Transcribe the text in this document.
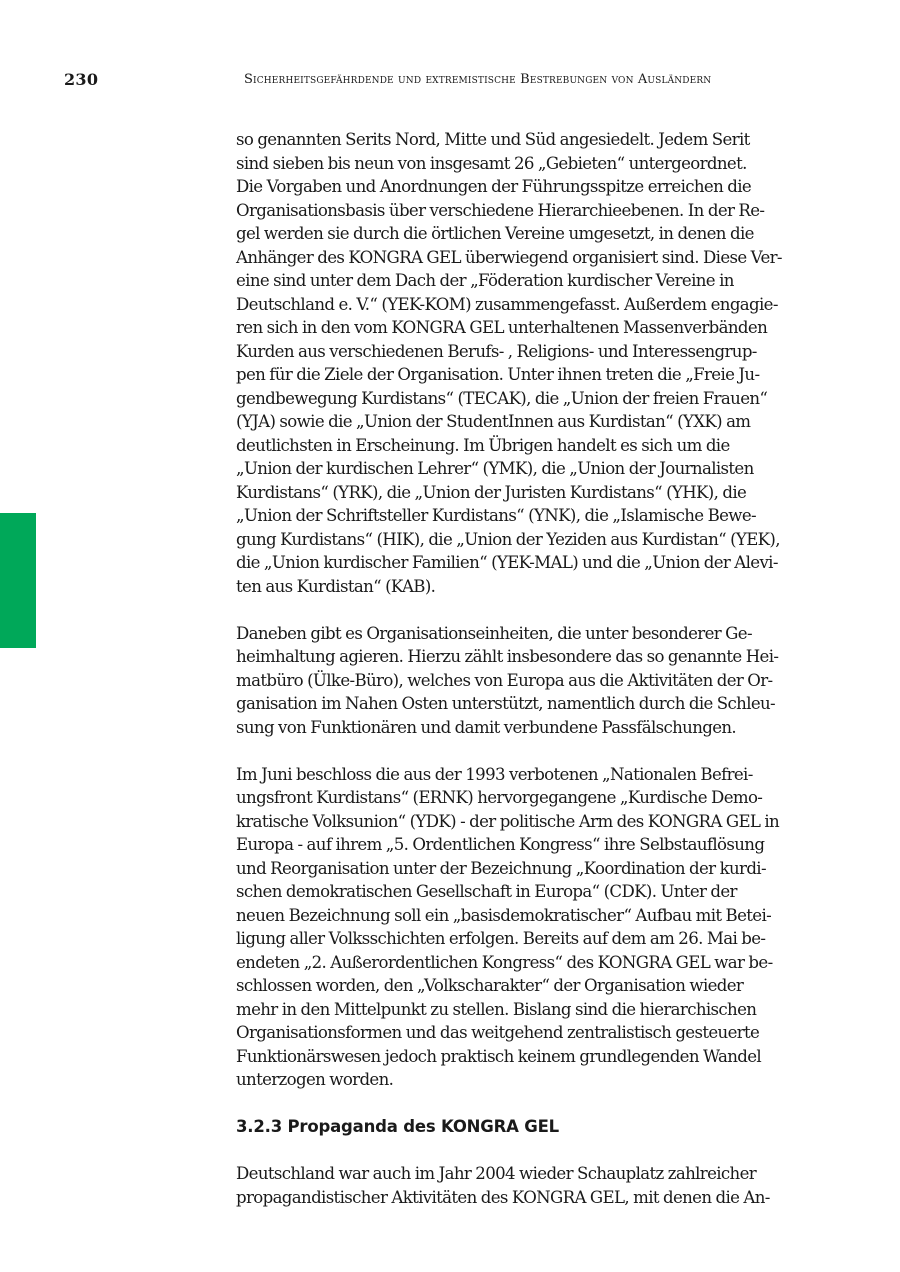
230	Sicherheitsgefährdende und extremistische Bestrebungen von Ausländern
so genannten Serits Nord, Mitte und Süd angesiedelt. Jedem Serit
sind sieben bis neun von insgesamt 26 „Gebieten“ untergeordnet.
Die Vorgaben und Anordnungen der Führungsspitze erreichen die
Organisationsbasis über verschiedene Hierarchieebenen. In der Re-
gel werden sie durch die örtlichen Vereine umgesetzt, in denen die
Anhänger des KONGRA GEL überwiegend organisiert sind. Diese Ver-
eine sind unter dem Dach der „Föderation kurdischer Vereine in
Deutschland e. V.“ (YEK-KOM) zusammengefasst. Außerdem engagie-
ren sich in den vom KONGRA GEL unterhaltenen Massenverbänden
Kurden aus verschiedenen Berufs- , Religions- und Interessengrup-
pen für die Ziele der Organisation. Unter ihnen treten die „Freie Ju-
gendbewegung Kurdistans“ (TECAK), die „Union der freien Frauen“
(YJA) sowie die „Union der StudentInnen aus Kurdistan“ (YXK) am
deutlichsten in Erscheinung. Im Übrigen handelt es sich um die
„Union der kurdischen Lehrer“ (YMK), die „Union der Journalisten
Kurdistans“ (YRK), die „Union der Juristen Kurdistans“ (YHK), die
„Union der Schriftsteller Kurdistans“ (YNK), die „Islamische Bewe-
gung Kurdistans“ (HIK), die „Union der Yeziden aus Kurdistan“ (YEK),
die „Union kurdischer Familien“ (YEK-MAL) und die „Union der Alevi-
ten aus Kurdistan“ (KAB).
Daneben gibt es Organisationseinheiten, die unter besonderer Ge-
heimhaltung agieren. Hierzu zählt insbesondere das so genannte Hei-
matbüro (Ülke-Büro), welches von Europa aus die Aktivitäten der Or-
ganisation im Nahen Osten unterstützt, namentlich durch die Schleu-
sung von Funktionären und damit verbundene Passfälschungen.
Im Juni beschloss die aus der 1993 verbotenen „Nationalen Befrei-
ungsfront Kurdistans“ (ERNK) hervorgegangene „Kurdische Demo-
kratische Volksunion“ (YDK) - der politische Arm des KONGRA GEL in
Europa - auf ihrem „5. Ordentlichen Kongress“ ihre Selbstauflösung
und Reorganisation unter der Bezeichnung „Koordination der kurdi-
schen demokratischen Gesellschaft in Europa“ (CDK). Unter der
neuen Bezeichnung soll ein „basisdemokratischer“ Aufbau mit Betei-
ligung aller Volksschichten erfolgen. Bereits auf dem am 26. Mai be-
endeten „2. Außerordentlichen Kongress“ des KONGRA GEL war be-
schlossen worden, den „Volkscharakter“ der Organisation wieder
mehr in den Mittelpunkt zu stellen. Bislang sind die hierarchischen
Organisationsformen und das weitgehend zentralistisch gesteuerte
Funktionärswesen jedoch praktisch keinem grundlegenden Wandel
unterzogen worden.
3.2.3 Propaganda des KONGRA GEL
Deutschland war auch im Jahr 2004 wieder Schauplatz zahlreicher
propagandistischer Aktivitäten des KONGRA GEL, mit denen die An-
